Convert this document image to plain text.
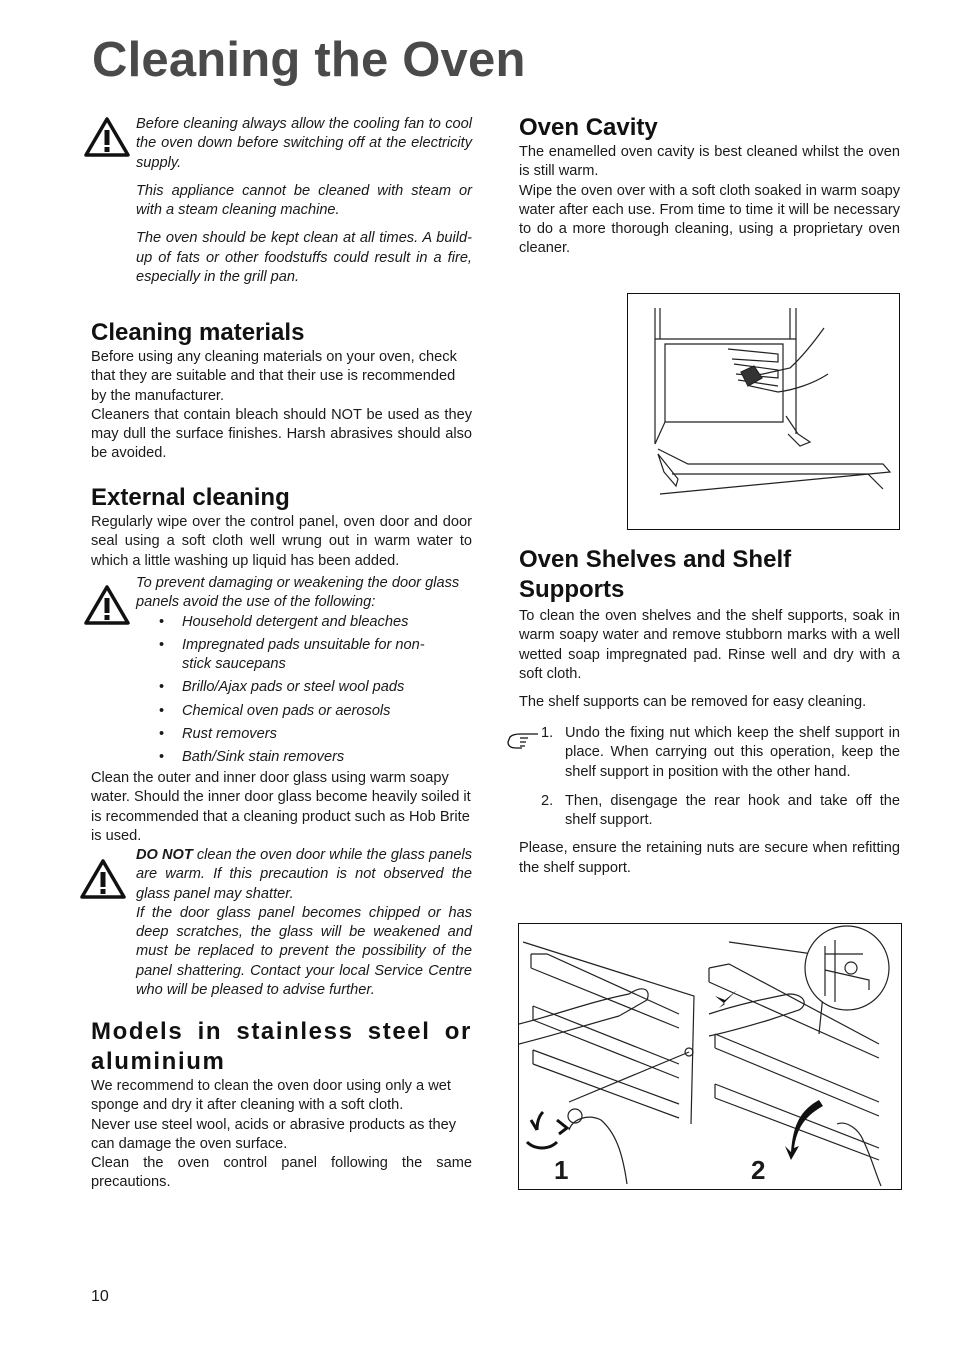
Cleaning the Oven

Before cleaning always allow the cooling fan to cool the oven down before switching off at the electricity supply.

This appliance cannot be cleaned with steam or with a steam cleaning machine.

The oven should be kept clean at all times. A build-up of fats or other foodstuffs could result in a fire, especially in the grill pan.

Cleaning materials

Before using any cleaning materials on your oven, check that they are suitable and that their use is recommended by the manufacturer.

Cleaners that contain bleach should NOT be used as they may dull the surface finishes. Harsh abrasives should also be avoided.

External cleaning

Regularly wipe over the control panel, oven door and door seal using a soft cloth well wrung out in warm water to which a little washing up liquid has been added.

To prevent damaging or weakening the door glass panels avoid the use of the following:

• Household detergent and bleaches
• Impregnated pads unsuitable for non-stick saucepans
• Brillo/Ajax pads or steel wool pads
• Chemical oven pads or aerosols
• Rust removers
• Bath/Sink stain removers

Clean the outer and inner door glass using warm soapy water. Should the inner door glass become heavily soiled it is recommended that a cleaning product such as Hob Brite is used.

DO NOT clean the oven door while the glass panels are warm. If this precaution is not observed the glass panel may shatter.

If the door glass panel becomes chipped or has deep scratches, the glass will be weakened and must be replaced to prevent the possibility of the panel shattering. Contact your local Service Centre who will be pleased to advise further.

Models in stainless steel or aluminium

We recommend to clean the oven door using only a wet sponge and dry it after cleaning with a soft cloth.

Never use steel wool, acids or abrasive products as they can damage the oven surface.

Clean the oven control panel following the same precautions.

10
Oven Cavity

The enamelled oven cavity is best cleaned whilst the oven is still warm.

Wipe the oven over with a soft cloth soaked in warm soapy water after each use. From time to time it will be necessary to do a more thorough cleaning, using a proprietary oven cleaner.

Oven Shelves and Shelf Supports

To clean the oven shelves and the shelf supports, soak in warm soapy water and remove stubborn marks with a well wetted soap impregnated pad. Rinse well and dry with a soft cloth.

The shelf supports can be removed for easy cleaning.

1. Undo the fixing nut which keep the shelf support in place. When carrying out this operation, keep the shelf support in position with the other hand.
2. Then, disengage the rear hook and take off the shelf support.

Please, ensure the retaining nuts are secure when refitting the shelf support.

1	2
